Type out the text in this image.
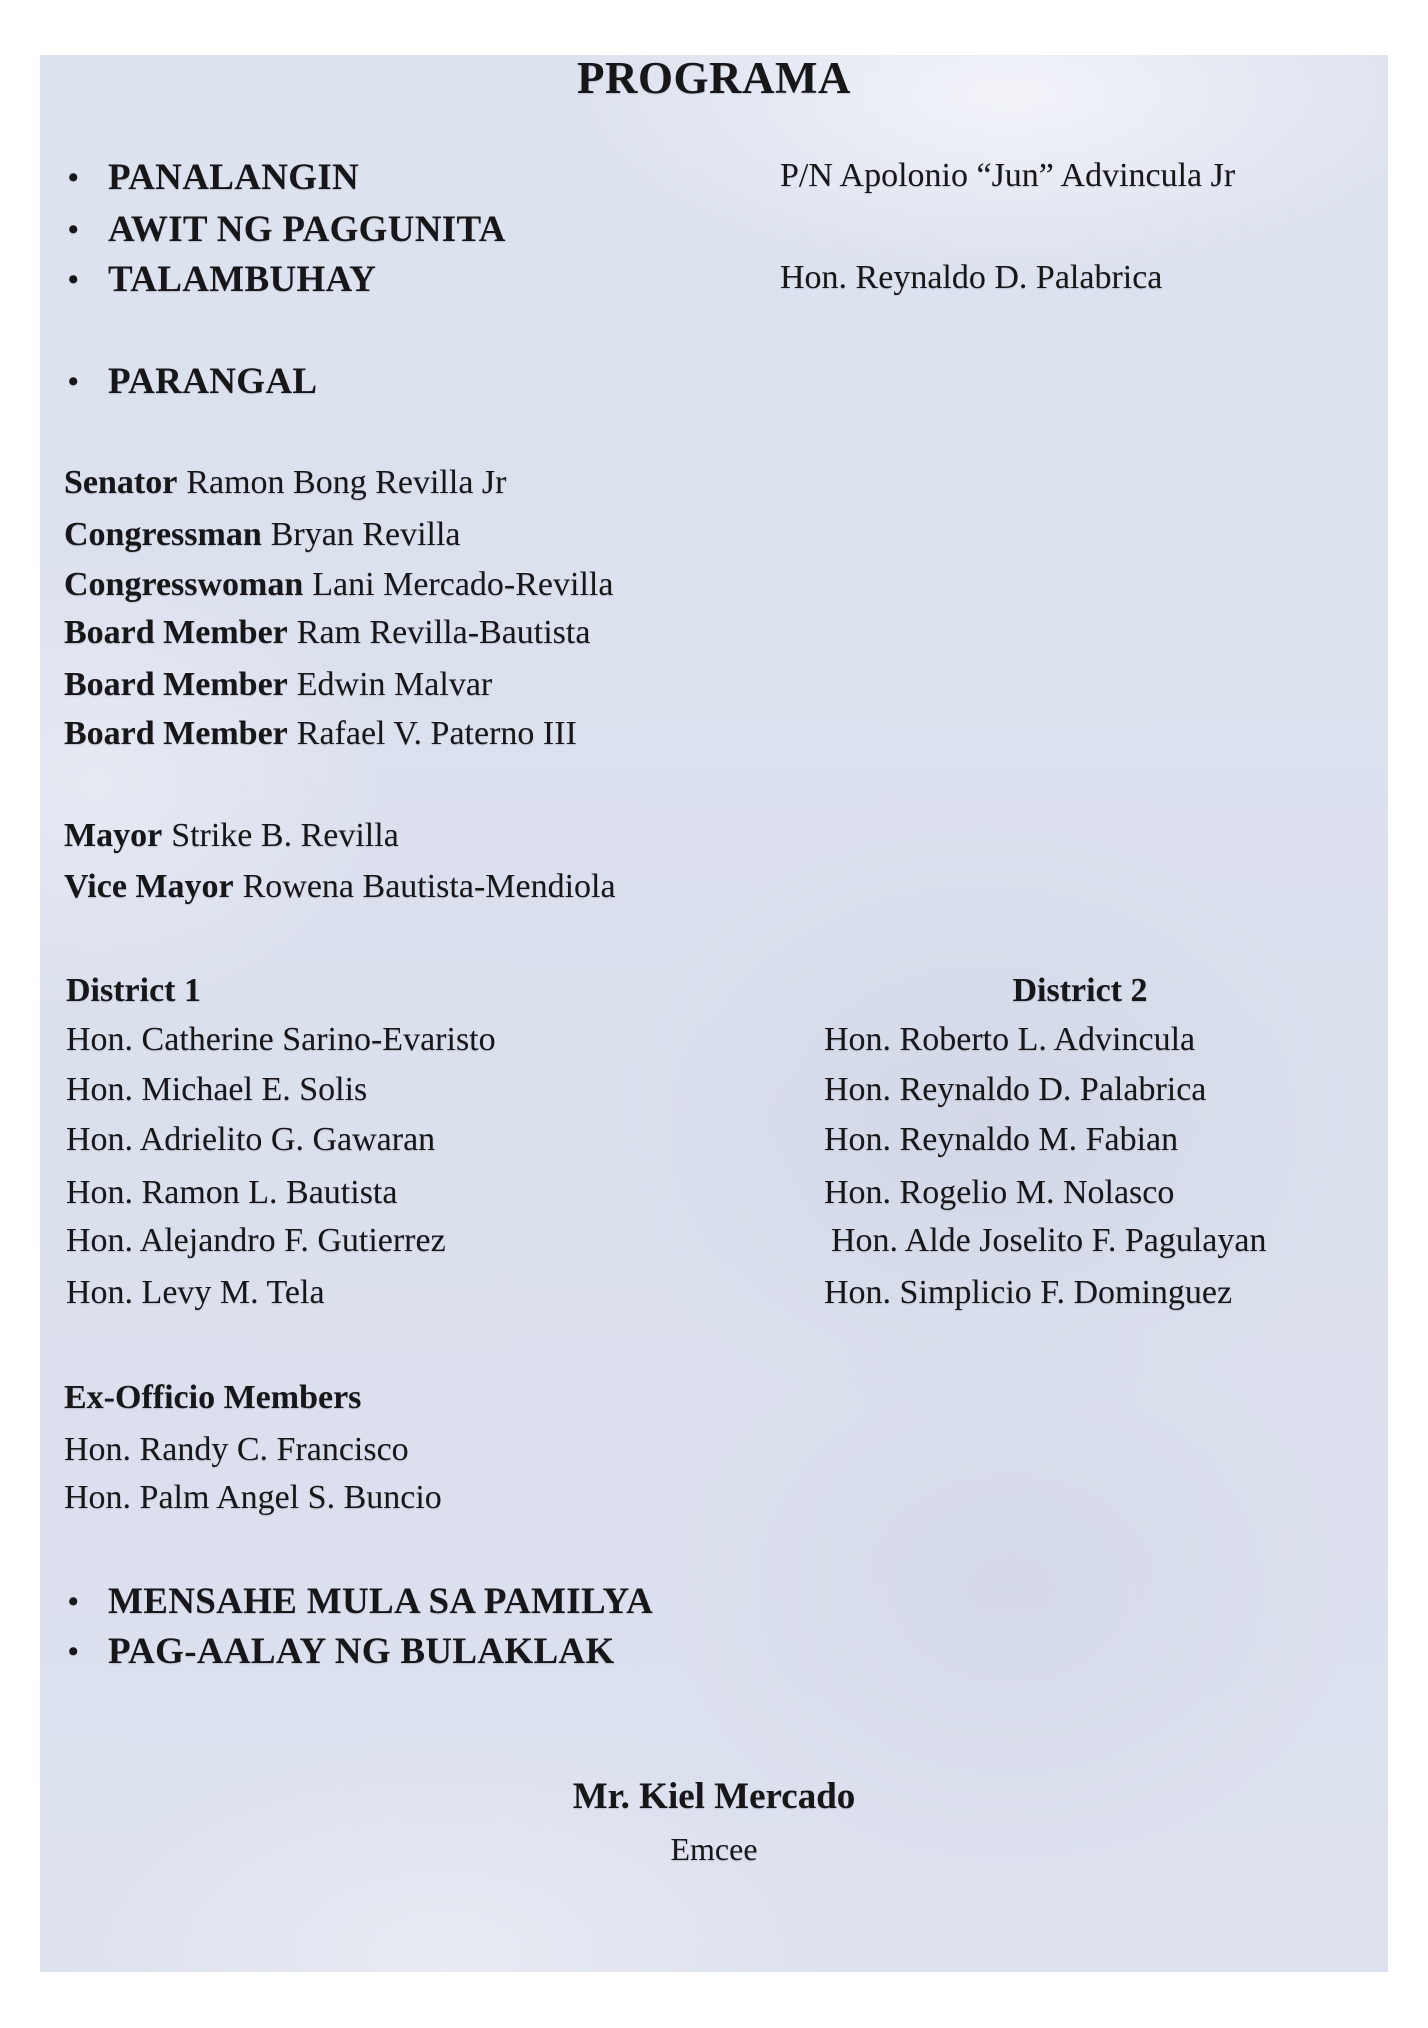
PROGRAMA
• PANALANGIN	P/N Apolonio “Jun” Advincula Jr
• AWIT NG PAGGUNITA
• TALAMBUHAY	Hon. Reynaldo D. Palabrica
• PARANGAL
Senator Ramon Bong Revilla Jr
Congressman Bryan Revilla
Congresswoman Lani Mercado-Revilla
Board Member Ram Revilla-Bautista
Board Member Edwin Malvar
Board Member Rafael V. Paterno III
Mayor Strike B. Revilla
Vice Mayor Rowena Bautista-Mendiola
District 1
Hon. Catherine Sarino-Evaristo
Hon. Michael E. Solis
Hon. Adrielito G. Gawaran
Hon. Ramon L. Bautista
Hon. Alejandro F. Gutierrez
Hon. Levy M. Tela
District 2
Hon. Roberto L. Advincula
Hon. Reynaldo D. Palabrica
Hon. Reynaldo M. Fabian
Hon. Rogelio M. Nolasco
Hon. Alde Joselito F. Pagulayan
Hon. Simplicio F. Dominguez
Ex-Officio Members
Hon. Randy C. Francisco
Hon. Palm Angel S. Buncio
• MENSAHE MULA SA PAMILYA
• PAG-AALAY NG BULAKLAK
Mr. Kiel Mercado
Emcee
